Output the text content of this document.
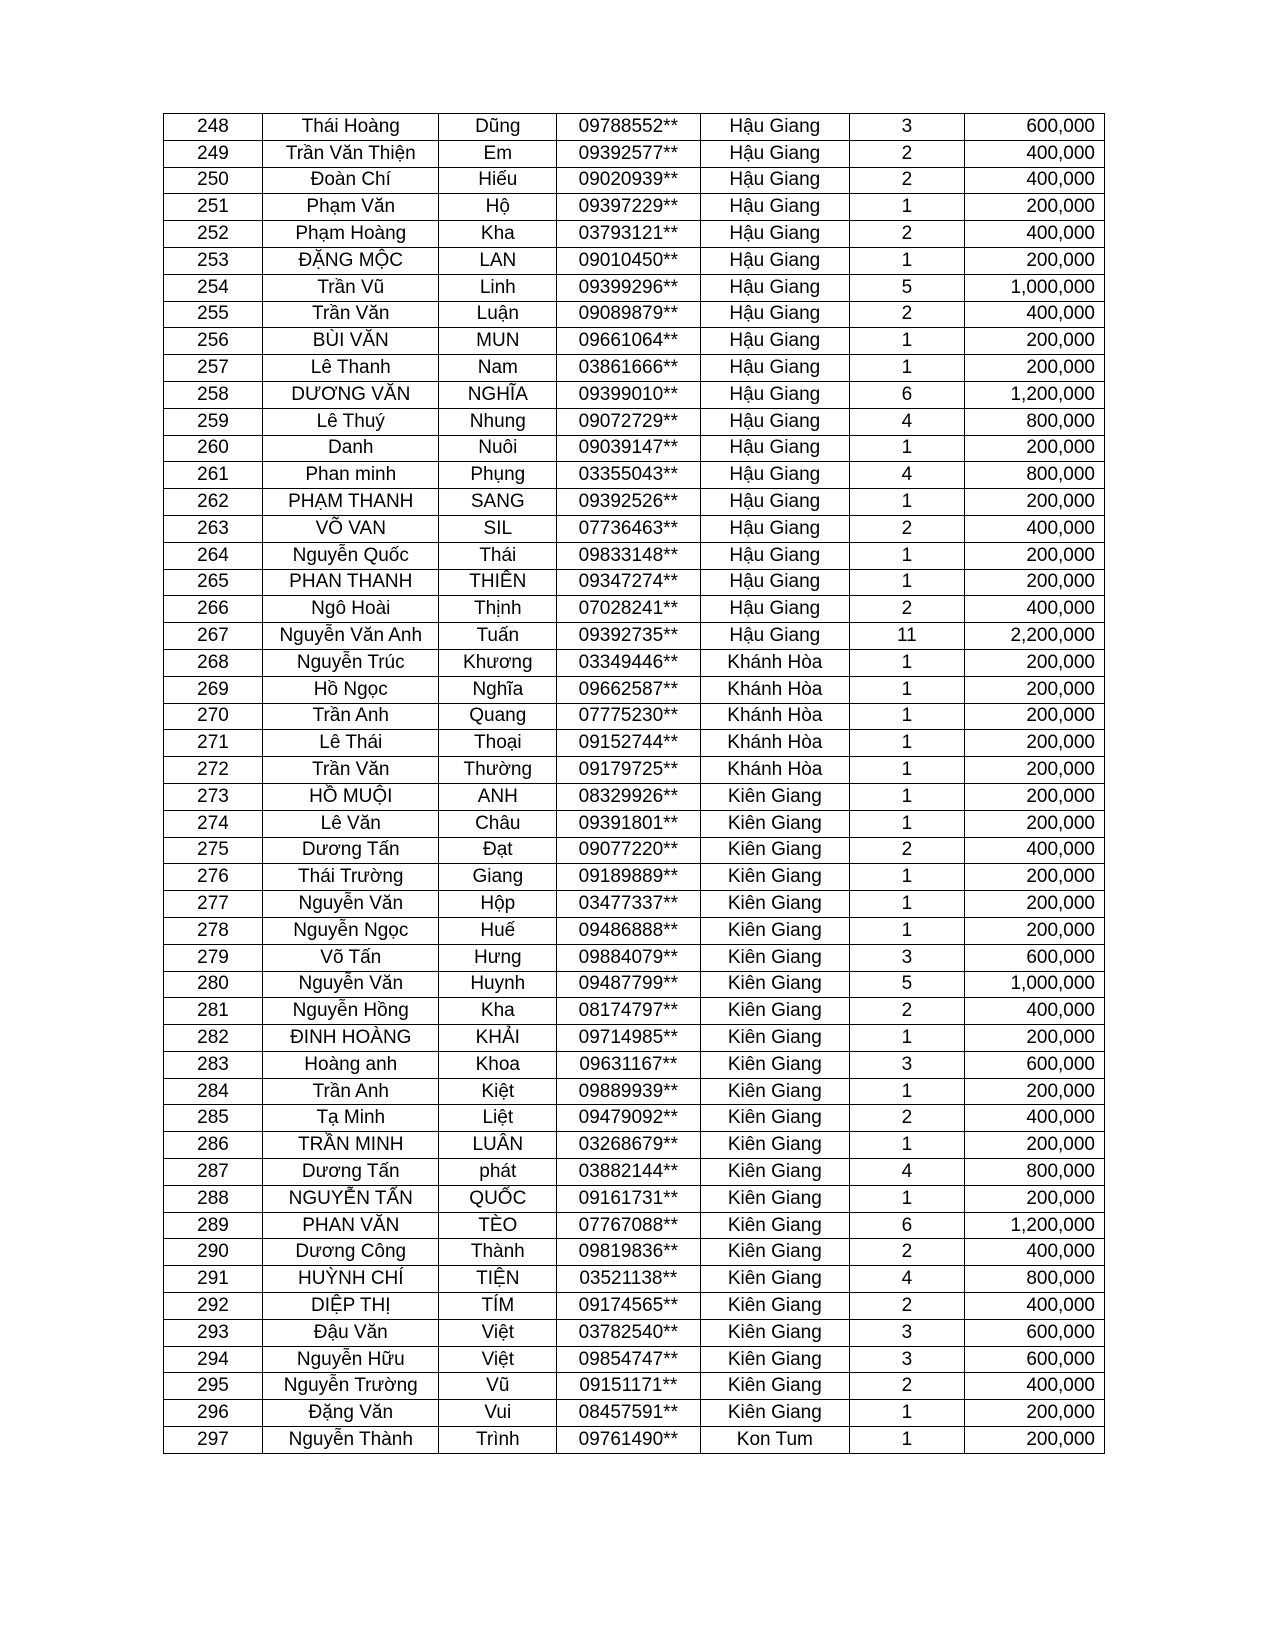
248	Thái Hoàng	Dũng	09788552**	Hậu Giang	3	600,000
249	Trần Văn Thiện	Em	09392577**	Hậu Giang	2	400,000
250	Đoàn Chí	Hiếu	09020939**	Hậu Giang	2	400,000
251	Phạm Văn	Hộ	09397229**	Hậu Giang	1	200,000
252	Phạm Hoàng	Kha	03793121**	Hậu Giang	2	400,000
253	ĐẶNG MỘC	LAN	09010450**	Hậu Giang	1	200,000
254	Trần Vũ	Linh	09399296**	Hậu Giang	5	1,000,000
255	Trần Văn	Luận	09089879**	Hậu Giang	2	400,000
256	BÙI VĂN	MUN	09661064**	Hậu Giang	1	200,000
257	Lê Thanh	Nam	03861666**	Hậu Giang	1	200,000
258	DƯƠNG VĂN	NGHĨA	09399010**	Hậu Giang	6	1,200,000
259	Lê Thuý	Nhung	09072729**	Hậu Giang	4	800,000
260	Danh	Nuôi	09039147**	Hậu Giang	1	200,000
261	Phan minh	Phụng	03355043**	Hậu Giang	4	800,000
262	PHẠM THANH	SANG	09392526**	Hậu Giang	1	200,000
263	VÕ VAN	SIL	07736463**	Hậu Giang	2	400,000
264	Nguyễn Quốc	Thái	09833148**	Hậu Giang	1	200,000
265	PHAN THANH	THIÊN	09347274**	Hậu Giang	1	200,000
266	Ngô Hoài	Thịnh	07028241**	Hậu Giang	2	400,000
267	Nguyễn Văn Anh	Tuấn	09392735**	Hậu Giang	11	2,200,000
268	Nguyễn Trúc	Khương	03349446**	Khánh Hòa	1	200,000
269	Hồ Ngọc	Nghĩa	09662587**	Khánh Hòa	1	200,000
270	Trần Anh	Quang	07775230**	Khánh Hòa	1	200,000
271	Lê Thái	Thoại	09152744**	Khánh Hòa	1	200,000
272	Trần Văn	Thường	09179725**	Khánh Hòa	1	200,000
273	HỒ MUỘI	ANH	08329926**	Kiên Giang	1	200,000
274	Lê Văn	Châu	09391801**	Kiên Giang	1	200,000
275	Dương Tấn	Đạt	09077220**	Kiên Giang	2	400,000
276	Thái Trường	Giang	09189889**	Kiên Giang	1	200,000
277	Nguyễn Văn	Hộp	03477337**	Kiên Giang	1	200,000
278	Nguyễn Ngọc	Huế	09486888**	Kiên Giang	1	200,000
279	Võ Tấn	Hưng	09884079**	Kiên Giang	3	600,000
280	Nguyễn Văn	Huynh	09487799**	Kiên Giang	5	1,000,000
281	Nguyễn Hồng	Kha	08174797**	Kiên Giang	2	400,000
282	ĐINH HOÀNG	KHẢI	09714985**	Kiên Giang	1	200,000
283	Hoàng anh	Khoa	09631167**	Kiên Giang	3	600,000
284	Trần Anh	Kiệt	09889939**	Kiên Giang	1	200,000
285	Tạ Minh	Liệt	09479092**	Kiên Giang	2	400,000
286	TRẦN MINH	LUÂN	03268679**	Kiên Giang	1	200,000
287	Dương Tấn	phát	03882144**	Kiên Giang	4	800,000
288	NGUYỄN TẤN	QUỐC	09161731**	Kiên Giang	1	200,000
289	PHAN VĂN	TÈO	07767088**	Kiên Giang	6	1,200,000
290	Dương Công	Thành	09819836**	Kiên Giang	2	400,000
291	HUỲNH CHÍ	TIỆN	03521138**	Kiên Giang	4	800,000
292	DIỆP THỊ	TÍM	09174565**	Kiên Giang	2	400,000
293	Đậu Văn	Việt	03782540**	Kiên Giang	3	600,000
294	Nguyễn Hữu	Việt	09854747**	Kiên Giang	3	600,000
295	Nguyễn Trường	Vũ	09151171**	Kiên Giang	2	400,000
296	Đặng Văn	Vui	08457591**	Kiên Giang	1	200,000
297	Nguyễn Thành	Trình	09761490**	Kon Tum	1	200,000
